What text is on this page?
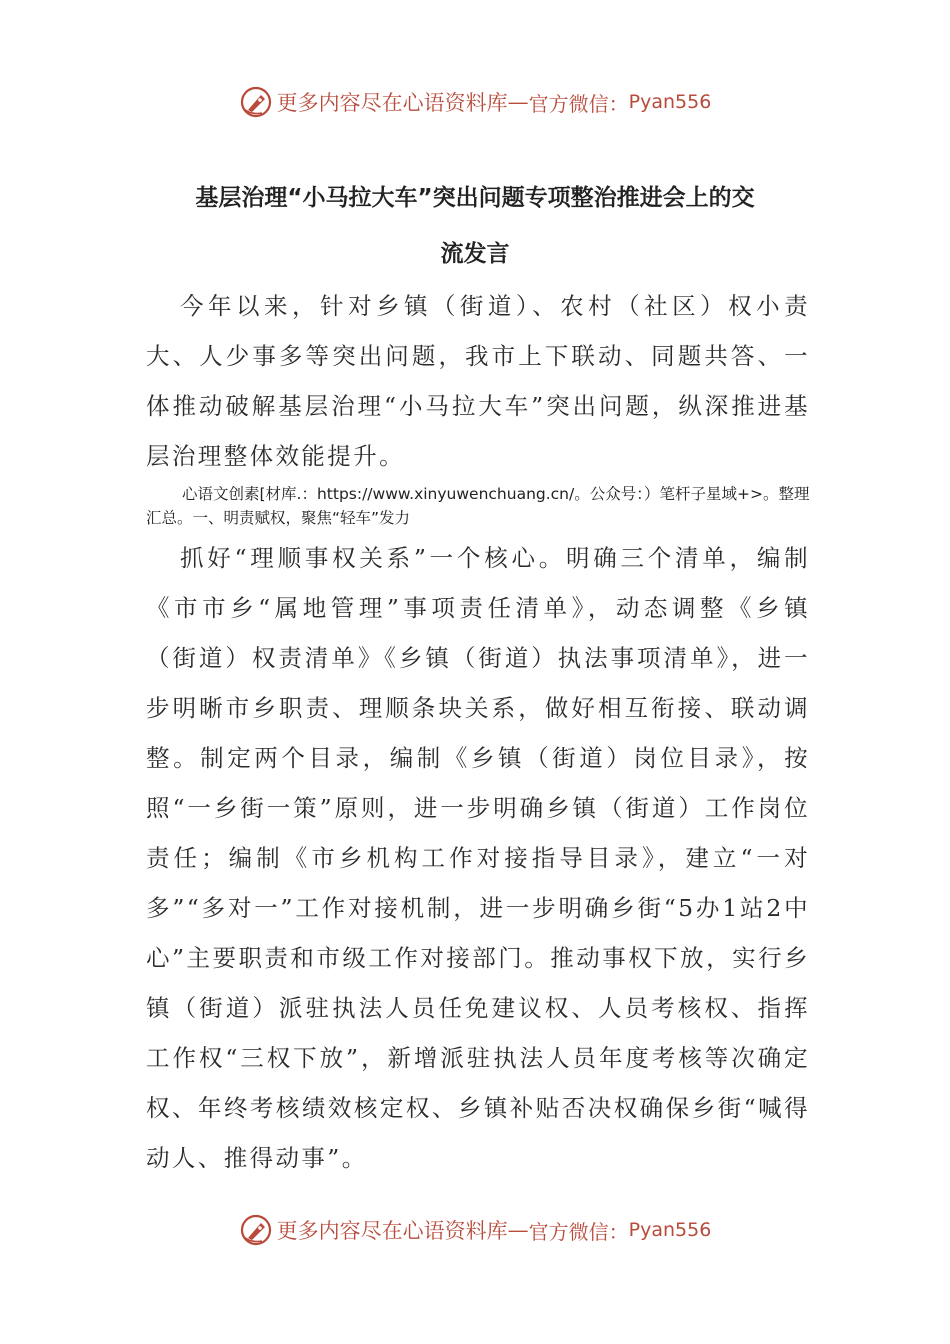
更多内容尽在心语资料库 — 官方微信： Pyan556
基层治理“小马拉大车”突出问题专项整治推进会上的交
流发言

今年以来，针对乡镇（街道）、农村（社区）权小责大、人少事多等突出问题，我市上下联动、同题共答、一体推动破解基层治理“小马拉大车”突出问题，纵深推进基层治理整体效能提升。

心语文创素[材库.：https://www.xinyuwenchuang.cn/。公众号：）笔杆子星域+>。整理汇总。一、明责赋权，聚焦“轻车”发力

抓好“理顺事权关系”一个核心。明确三个清单，编制《市市乡“属地管理”事项责任清单》，动态调整《乡镇（街道）权责清单》《乡镇（街道）执法事项清单》，进一步明晰市乡职责、理顺条块关系，做好相互衔接、联动调整。制定两个目录，编制《乡镇（街道）岗位目录》，按照“一乡街一策”原则，进一步明确乡镇（街道）工作岗位责任；编制《市乡机构工作对接指导目录》，建立“一对多”“多对一”工作对接机制，进一步明确乡街“5办1站2中心”主要职责和市级工作对接部门。推动事权下放，实行乡镇（街道）派驻执法人员任免建议权、人员考核权、指挥工作权“三权下放”，新增派驻执法人员年度考核等次确定权、年终考核绩效核定权、乡镇补贴否决权确保乡街“喊得动人、推得动事”。

更多内容尽在心语资料库 — 官方微信： Pyan556
